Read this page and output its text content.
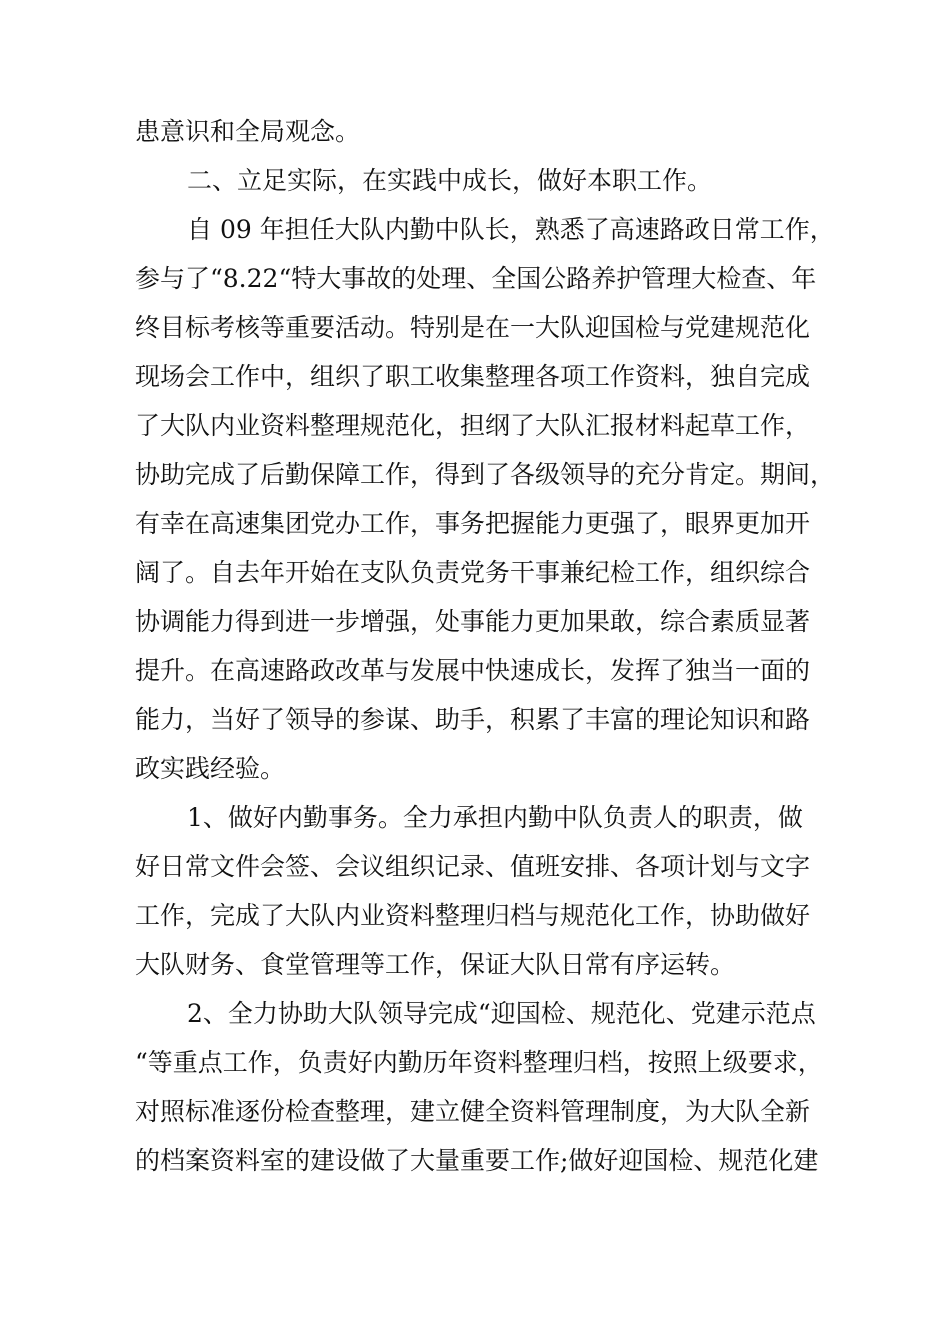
患意识和全局观念。
二、立足实际，在实践中成长，做好本职工作。
自 09 年担任大队内勤中队长，熟悉了高速路政日常工作，
参与了“8.22“特大事故的处理、全国公路养护管理大检查、年
终目标考核等重要活动。特别是在一大队迎国检与党建规范化
现场会工作中，组织了职工收集整理各项工作资料，独自完成
了大队内业资料整理规范化，担纲了大队汇报材料起草工作，
协助完成了后勤保障工作，得到了各级领导的充分肯定。期间，
有幸在高速集团党办工作，事务把握能力更强了，眼界更加开
阔了。自去年开始在支队负责党务干事兼纪检工作，组织综合
协调能力得到进一步增强，处事能力更加果敢，综合素质显著
提升。在高速路政改革与发展中快速成长，发挥了独当一面的
能力，当好了领导的参谋、助手，积累了丰富的理论知识和路
政实践经验。
1、做好内勤事务。全力承担内勤中队负责人的职责，做
好日常文件会签、会议组织记录、值班安排、各项计划与文字
工作，完成了大队内业资料整理归档与规范化工作，协助做好
大队财务、食堂管理等工作，保证大队日常有序运转。
2、全力协助大队领导完成“迎国检、规范化、党建示范点
“等重点工作，负责好内勤历年资料整理归档，按照上级要求，
对照标准逐份检查整理，建立健全资料管理制度，为大队全新
的档案资料室的建设做了大量重要工作;做好迎国检、规范化建
